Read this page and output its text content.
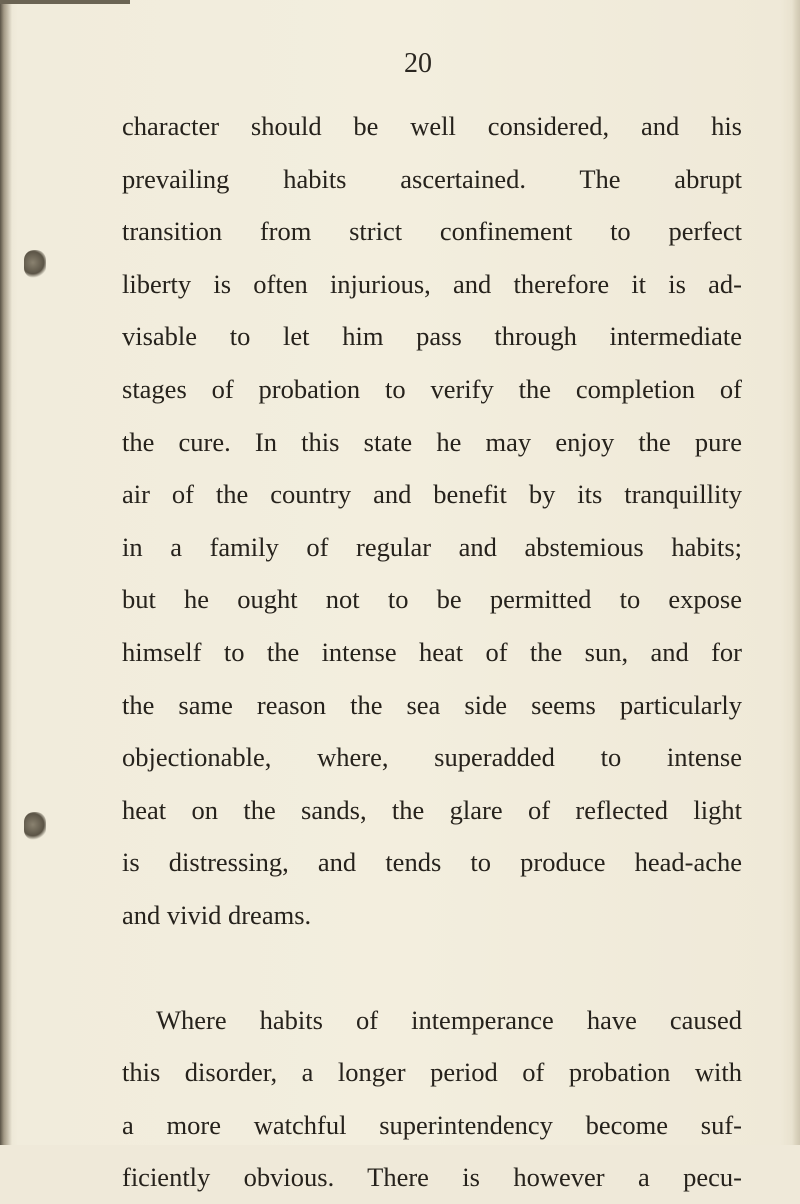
20
character should be well considered, and his
prevailing habits ascertained. The abrupt
transition from strict confinement to perfect
liberty is often injurious, and therefore it is ad-
visable to let him pass through intermediate
stages of probation to verify the completion of
the cure. In this state he may enjoy the pure
air of the country and benefit by its tranquillity
in a family of regular and abstemious habits;
but he ought not to be permitted to expose
himself to the intense heat of the sun, and for
the same reason the sea side seems particularly
objectionable, where, superadded to intense
heat on the sands, the glare of reflected light
is distressing, and tends to produce head-ache
and vivid dreams.
Where habits of intemperance have caused
this disorder, a longer period of probation with
a more watchful superintendency become suf-
ficiently obvious. There is however a pecu-
